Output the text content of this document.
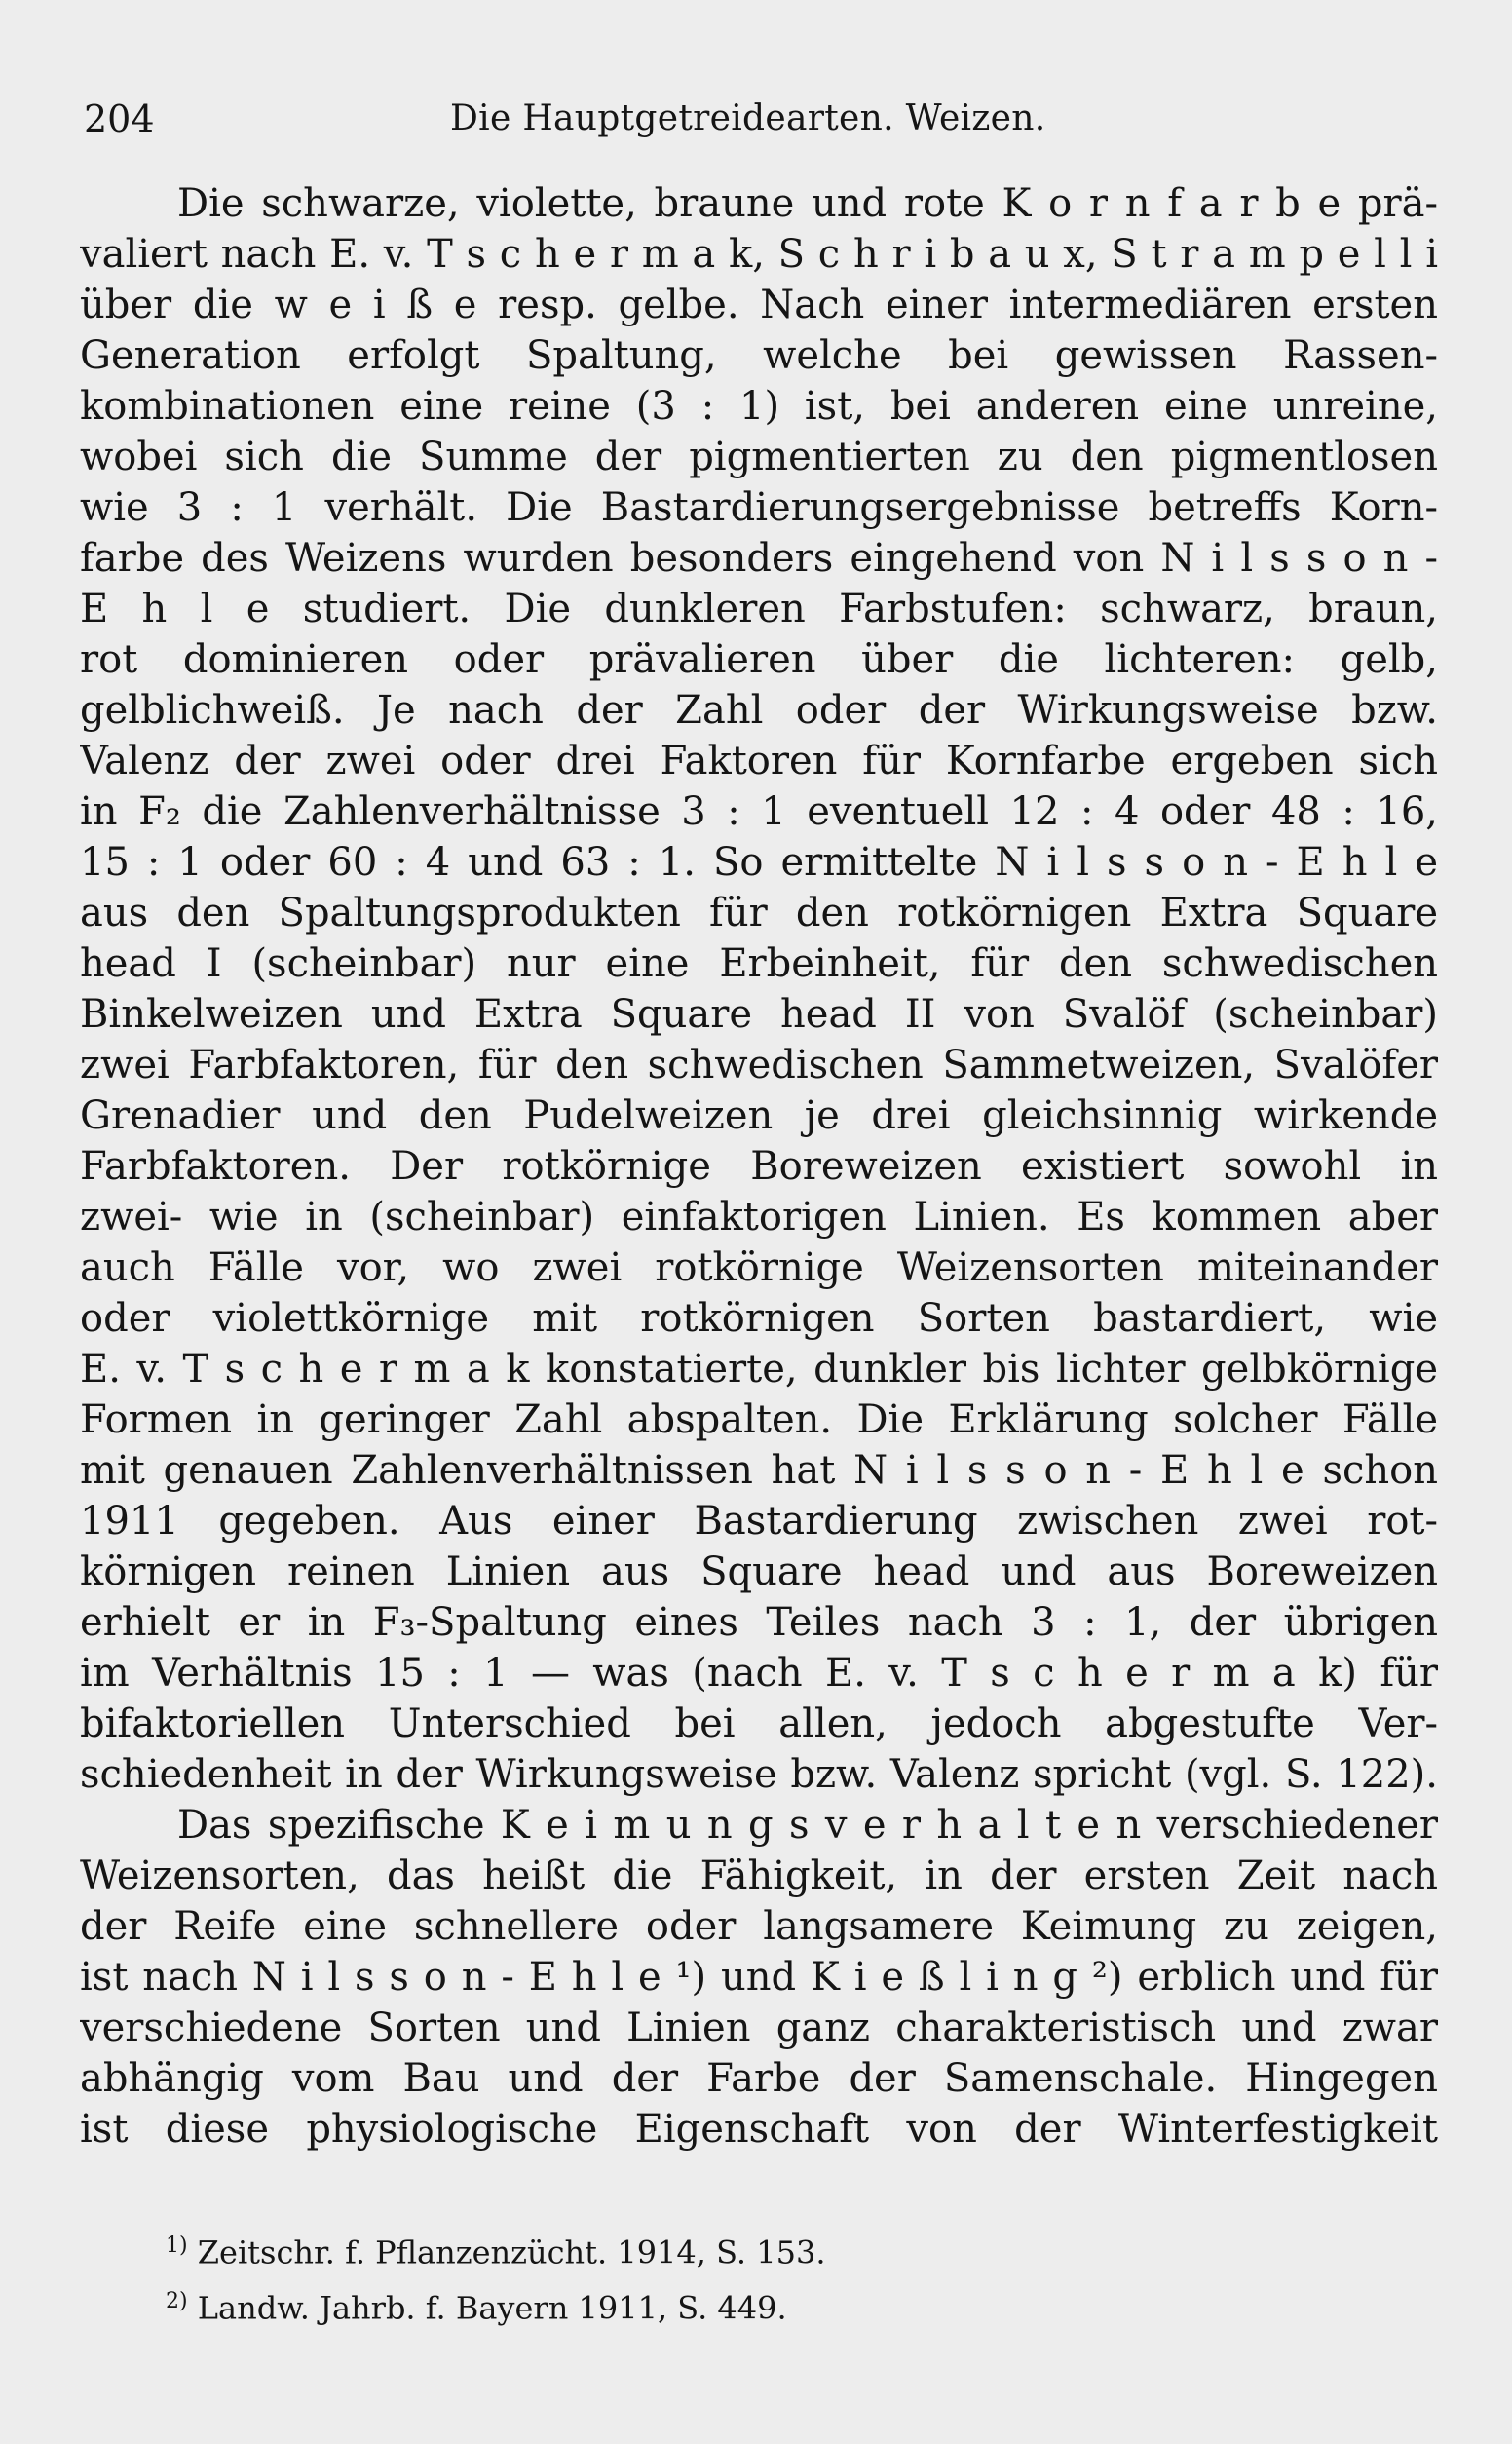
204	Die Hauptgetreidearten. Weizen.
Die schwarze, violette, braune und rote K o r n f a r b e prä-
valiert nach E. v. T s c h e r m a k, S c h r i b a u x, S t r a m p e l l i
über die w e i ß e resp. gelbe. Nach einer intermediären ersten
Generation erfolgt Spaltung, welche bei gewissen Rassen-
kombinationen eine reine (3 : 1) ist, bei anderen eine unreine,
wobei sich die Summe der pigmentierten zu den pigmentlosen
wie 3 : 1 verhält. Die Bastardierungsergebnisse betreffs Korn-
farbe des Weizens wurden besonders eingehend von N i l s s o n -
E h l e studiert. Die dunkleren Farbstufen: schwarz, braun,
rot dominieren oder prävalieren über die lichteren: gelb,
gelblichweiß. Je nach der Zahl oder der Wirkungsweise bzw.
Valenz der zwei oder drei Faktoren für Kornfarbe ergeben sich
in F₂ die Zahlenverhältnisse 3 : 1 eventuell 12 : 4 oder 48 : 16,
15 : 1 oder 60 : 4 und 63 : 1. So ermittelte N i l s s o n - E h l e
aus den Spaltungsprodukten für den rotkörnigen Extra Square
head I (scheinbar) nur eine Erbeinheit, für den schwedischen
Binkelweizen und Extra Square head II von Svalöf (scheinbar)
zwei Farbfaktoren, für den schwedischen Sammetweizen, Svalöfer
Grenadier und den Pudelweizen je drei gleichsinnig wirkende
Farbfaktoren. Der rotkörnige Boreweizen existiert sowohl in
zwei- wie in (scheinbar) einfaktorigen Linien. Es kommen aber
auch Fälle vor, wo zwei rotkörnige Weizensorten miteinander
oder violettkörnige mit rotkörnigen Sorten bastardiert, wie
E. v. T s c h e r m a k konstatierte, dunkler bis lichter gelbkörnige
Formen in geringer Zahl abspalten. Die Erklärung solcher Fälle
mit genauen Zahlenverhältnissen hat N i l s s o n - E h l e schon
1911 gegeben. Aus einer Bastardierung zwischen zwei rot-
körnigen reinen Linien aus Square head und aus Boreweizen
erhielt er in F₃-Spaltung eines Teiles nach 3 : 1, der übrigen
im Verhältnis 15 : 1 — was (nach E. v. T s c h e r m a k) für
bifaktoriellen Unterschied bei allen, jedoch abgestufte Ver-
schiedenheit in der Wirkungsweise bzw. Valenz spricht (vgl. S. 122).
Das spezifische K e i m u n g s v e r h a l t e n verschiedener
Weizensorten, das heißt die Fähigkeit, in der ersten Zeit nach
der Reife eine schnellere oder langsamere Keimung zu zeigen,
ist nach N i l s s o n - E h l e ¹) und K i e ß l i n g ²) erblich und für
verschiedene Sorten und Linien ganz charakteristisch und zwar
abhängig vom Bau und der Farbe der Samenschale. Hingegen
ist diese physiologische Eigenschaft von der Winterfestigkeit
$^{1)}$ Zeitschr. f. Pflanzenzücht. 1914, S. 153.
$^{2)}$ Landw. Jahrb. f. Bayern 1911, S. 449.
